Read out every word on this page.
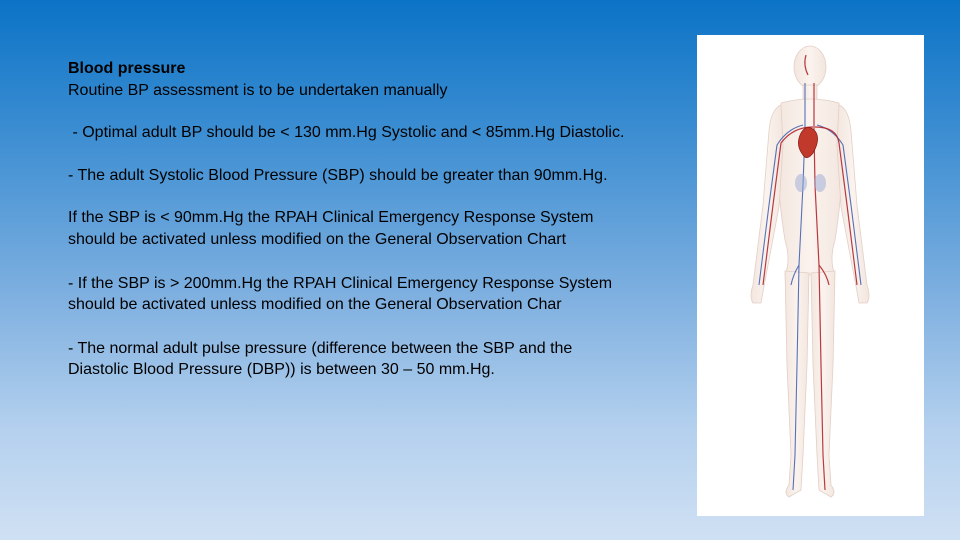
Blood pressure

Routine BP assessment is to be undertaken manually

- Optimal adult BP should be < 130 mm.Hg Systolic and < 85mm.Hg Diastolic.

- The adult Systolic Blood Pressure (SBP) should be greater than 90mm.Hg.

If the SBP is < 90mm.Hg the RPAH Clinical Emergency Response System should be activated unless modified on the General Observation Chart

- If the SBP is > 200mm.Hg the RPAH Clinical Emergency Response System should be activated unless modified on the General Observation Char

- The normal adult pulse pressure (difference between the SBP and the Diastolic Blood Pressure (DBP)) is between 30 – 50 mm.Hg.
